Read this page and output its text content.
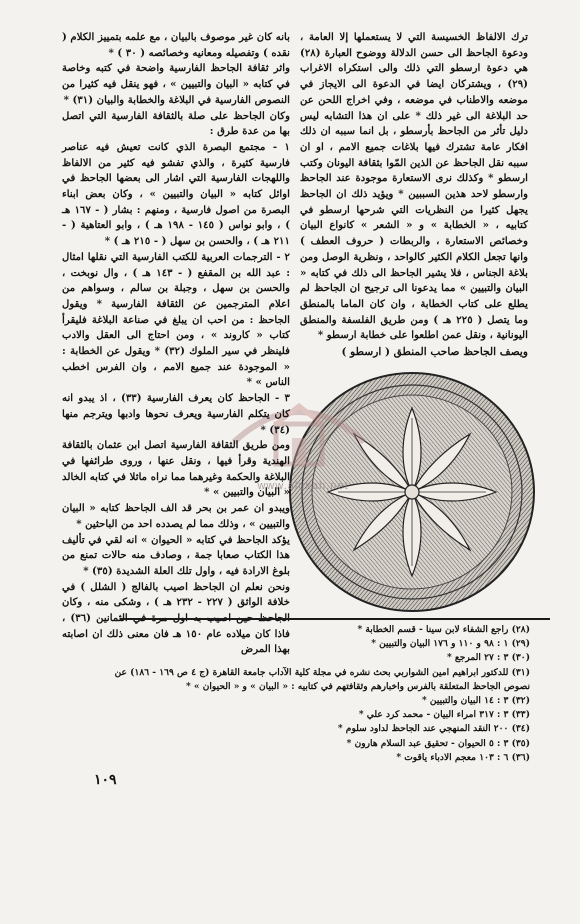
ترك الالفاظ الخسيسة التي لا يستعملها إلا العامة ، ودعوة الجاحظ الى حسن الدلالة ووضوح العبارة (٢٨) هي دعوة ارسطو التي ذلك والى استكراه الاغراب (٢٩) ، ويشتركان ايضا في الدعوة الى الايجاز في موضعه والاطناب في موضعه ، وفي اخراج اللحن عن حد البلاغة الى غير ذلك * على ان هذا التشابه ليس دليل تأثر من الجاحظ بأرسطو ، بل انما سببه ان ذلك افكار عامة تشترك فيها بلاغات جميع الامم ، او ان سببه نقل الجاحظ عن الذين المّوا بثقافة اليونان وكتب ارسطو * وكذلك نرى الاستعارة موجودة عند الجاحظ وارسطو لاحد هذين السببين * ويؤيد ذلك ان الجاحظ يجهل كثيرا من النظريات التي شرحها ارسطو في كتابيه ، « الخطابة » و « الشعر » كانواع البيان وخصائص الاستعارة ، والربطات ( حروف العطف ) وانها تجعل الكلام الكثير كالواحد ، ونظرية الوصل ومن بلاغة الجناس ، فلا يشير الجاحظ الى ذلك في كتابه « البيان والتبيين » مما يدعونا الى ترجيح ان الجاحظ لم يطلع على كتاب الخطابة ، وان كان الماما بالمنطق وما يتصل ( ٢٢٥ هـ ) ومن طريق الفلسفة والمنطق اليونانية ، ونقل عمن اطلعوا على خطابة ارسطو *

ويصف الجاحظ صاحب المنطق ( ارسطو )
www.alukah.net

بانه كان غير موصوف بالبيان ، مع علمه بتمييز الكلام ( نقده ) وتفصيله ومعانيه وخصائصه ( ٣٠ ) *

واثر ثقافة الجاحظ الفارسية واضحة في كتبه وخاصة في كتابه « البيان والتبيين » ، فهو ينقل فيه كثيرا من النصوص الفارسية في البلاغة والخطابة والبيان (٣١) *

وكان الجاحظ على صلة بالثقافة الفارسية التي اتصل بها من عدة طرق :

١ - مجتمع البصرة الذي كانت تعيش فيه عناصر فارسية كثيرة ، والذي تفشو فيه كثير من الالفاظ واللهجات الفارسية التي اشار الى بعضها الجاحظ في اوائل كتابه « البيان والتبيين » ، وكان بعض ابناء البصرة من اصول فارسية ، ومنهم : بشار ( - ١٦٧ هـ ) ، وابو نواس ( ١٤٥ - ١٩٨ هـ ) ، وابو العتاهية ( - ٢١١ هـ ) ، والحسن بن سهل ( - ٢١٥ هـ ) *

٢ - الترجمات العربية للكتب الفارسية التي نقلها امثال : عبد الله بن المقفع ( - ١٤٣ هـ ) ، وال نوبخت ، والحسن بن سهل ، وجبلة بن سالم ، وسواهم من اعلام المترجمين عن الثقافة الفارسية * ويقول الجاحظ : من احب ان يبلغ في صناعة البلاغة فليقرأ كتاب « كاروند » ، ومن احتاج الى العقل والادب فلينظر في سير الملوك (٣٢) * ويقول عن الخطابة : « الموجودة عند جميع الامم ، وان الفرس اخطب الناس » *

٣ - الجاحظ كان يعرف الفارسية (٣٣) ، اذ يبدو انه كان يتكلم الفارسية ويعرف نحوها وادبها ويترجم منها (٣٤) *

ومن طريق الثقافة الفارسية اتصل ابن عثمان بالثقافة الهندية وقرأ فيها ، ونقل عنها ، وروى طرائفها في البلاغة والحكمة وغيرهما مما نراه ماثلا في كتابه الخالد « البيان والتبيين » *

ويبدو ان عمر بن بحر قد الف الجاحظ كتابه « البيان والتبيين » ، وذلك مما لم يصدده احد من الباحثين *

يؤكد الجاحظ في كتابه « الحيوان » انه لقي في تأليف هذا الكتاب صعابا جمة ، وصادف منه حالات تمنع من بلوغ الارادة فيه ، واول تلك العلة الشديدة (٣٥) *

ونحن نعلم ان الجاحظ اصيب بالفالج ( الشلل ) في خلافة الواثق ( ٢٢٧ - ٢٣٢ هـ ) ، وشكى منه ، وكان الجاحظ حين اصيب به اول مرة في الثمانين (٣٦) ، فاذا كان ميلاده عام ١٥٠ هـ فان معنى ذلك ان اصابته بهذا المرض

(٢٨) راجع الشفاء لابن سينا - قسم الخطابة *
(٢٩) ١ : ٩٨ و ١١٠ و ١٧٦ البيان والتبيين *
(٣٠) ٣ : ٢٧ المرجع *
(٣١) للدكتور ابراهيم امين الشواربي بحث نشره في مجلة كلية الآداب جامعة القاهرة (ج ٤ ص ١٦٩ - ١٨٦) عن نصوص الجاحظ المتعلقة بالفرس واخبارهم وثقافتهم في كتابيه : « البيان » و « الحيوان » *
(٣٢) ٣ : ١٤ البيان والتبيين *
(٣٣) ٣ : ٣١٧ امراء البيان - محمد كرد علي *
(٣٤) ٢٠٠ النقد المنهجي عند الجاحظ لداود سلوم *
(٣٥) ٣ : ٥ الحيوان - تحقيق عبد السلام هارون *
(٣٦) ٦ : ١٠٣ معجم الادباء ياقوت *
١٠٩
